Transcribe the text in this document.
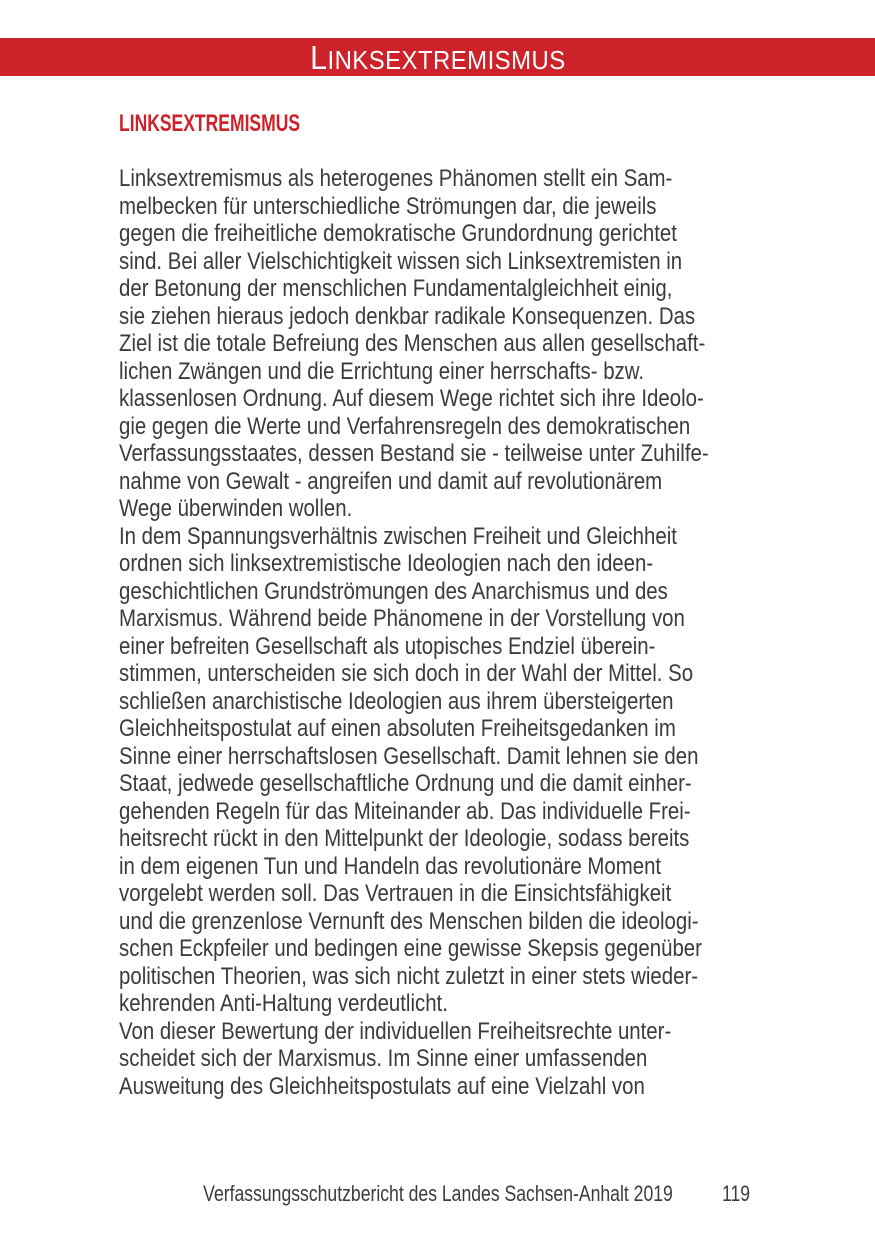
LINKSEXTREMISMUS
LINKSEXTREMISMUS
Linksextremismus als heterogenes Phänomen stellt ein Sam-
melbecken für unterschiedliche Strömungen dar, die jeweils
gegen die freiheitliche demokratische Grundordnung gerichtet
sind. Bei aller Vielschichtigkeit wissen sich Linksextremisten in
der Betonung der menschlichen Fundamentalgleichheit einig,
sie ziehen hieraus jedoch denkbar radikale Konsequenzen. Das
Ziel ist die totale Befreiung des Menschen aus allen gesellschaft-
lichen Zwängen und die Errichtung einer herrschafts- bzw.
klassenlosen Ordnung. Auf diesem Wege richtet sich ihre Ideolo-
gie gegen die Werte und Verfahrensregeln des demokratischen
Verfassungsstaates, dessen Bestand sie - teilweise unter Zuhilfe-
nahme von Gewalt - angreifen und damit auf revolutionärem
Wege überwinden wollen.
In dem Spannungsverhältnis zwischen Freiheit und Gleichheit
ordnen sich linksextremistische Ideologien nach den ideen-
geschichtlichen Grundströmungen des Anarchismus und des
Marxismus. Während beide Phänomene in der Vorstellung von
einer befreiten Gesellschaft als utopisches Endziel überein-
stimmen, unterscheiden sie sich doch in der Wahl der Mittel. So
schließen anarchistische Ideologien aus ihrem übersteigerten
Gleichheitspostulat auf einen absoluten Freiheitsgedanken im
Sinne einer herrschaftslosen Gesellschaft. Damit lehnen sie den
Staat, jedwede gesellschaftliche Ordnung und die damit einher-
gehenden Regeln für das Miteinander ab. Das individuelle Frei-
heitsrecht rückt in den Mittelpunkt der Ideologie, sodass bereits
in dem eigenen Tun und Handeln das revolutionäre Moment
vorgelebt werden soll. Das Vertrauen in die Einsichtsfähigkeit
und die grenzenlose Vernunft des Menschen bilden die ideologi-
schen Eckpfeiler und bedingen eine gewisse Skepsis gegenüber
politischen Theorien, was sich nicht zuletzt in einer stets wieder-
kehrenden Anti-Haltung verdeutlicht.
Von dieser Bewertung der individuellen Freiheitsrechte unter-
scheidet sich der Marxismus. Im Sinne einer umfassenden
Ausweitung des Gleichheitspostulats auf eine Vielzahl von
Verfassungsschutzbericht des Landes Sachsen-Anhalt 2019	119
